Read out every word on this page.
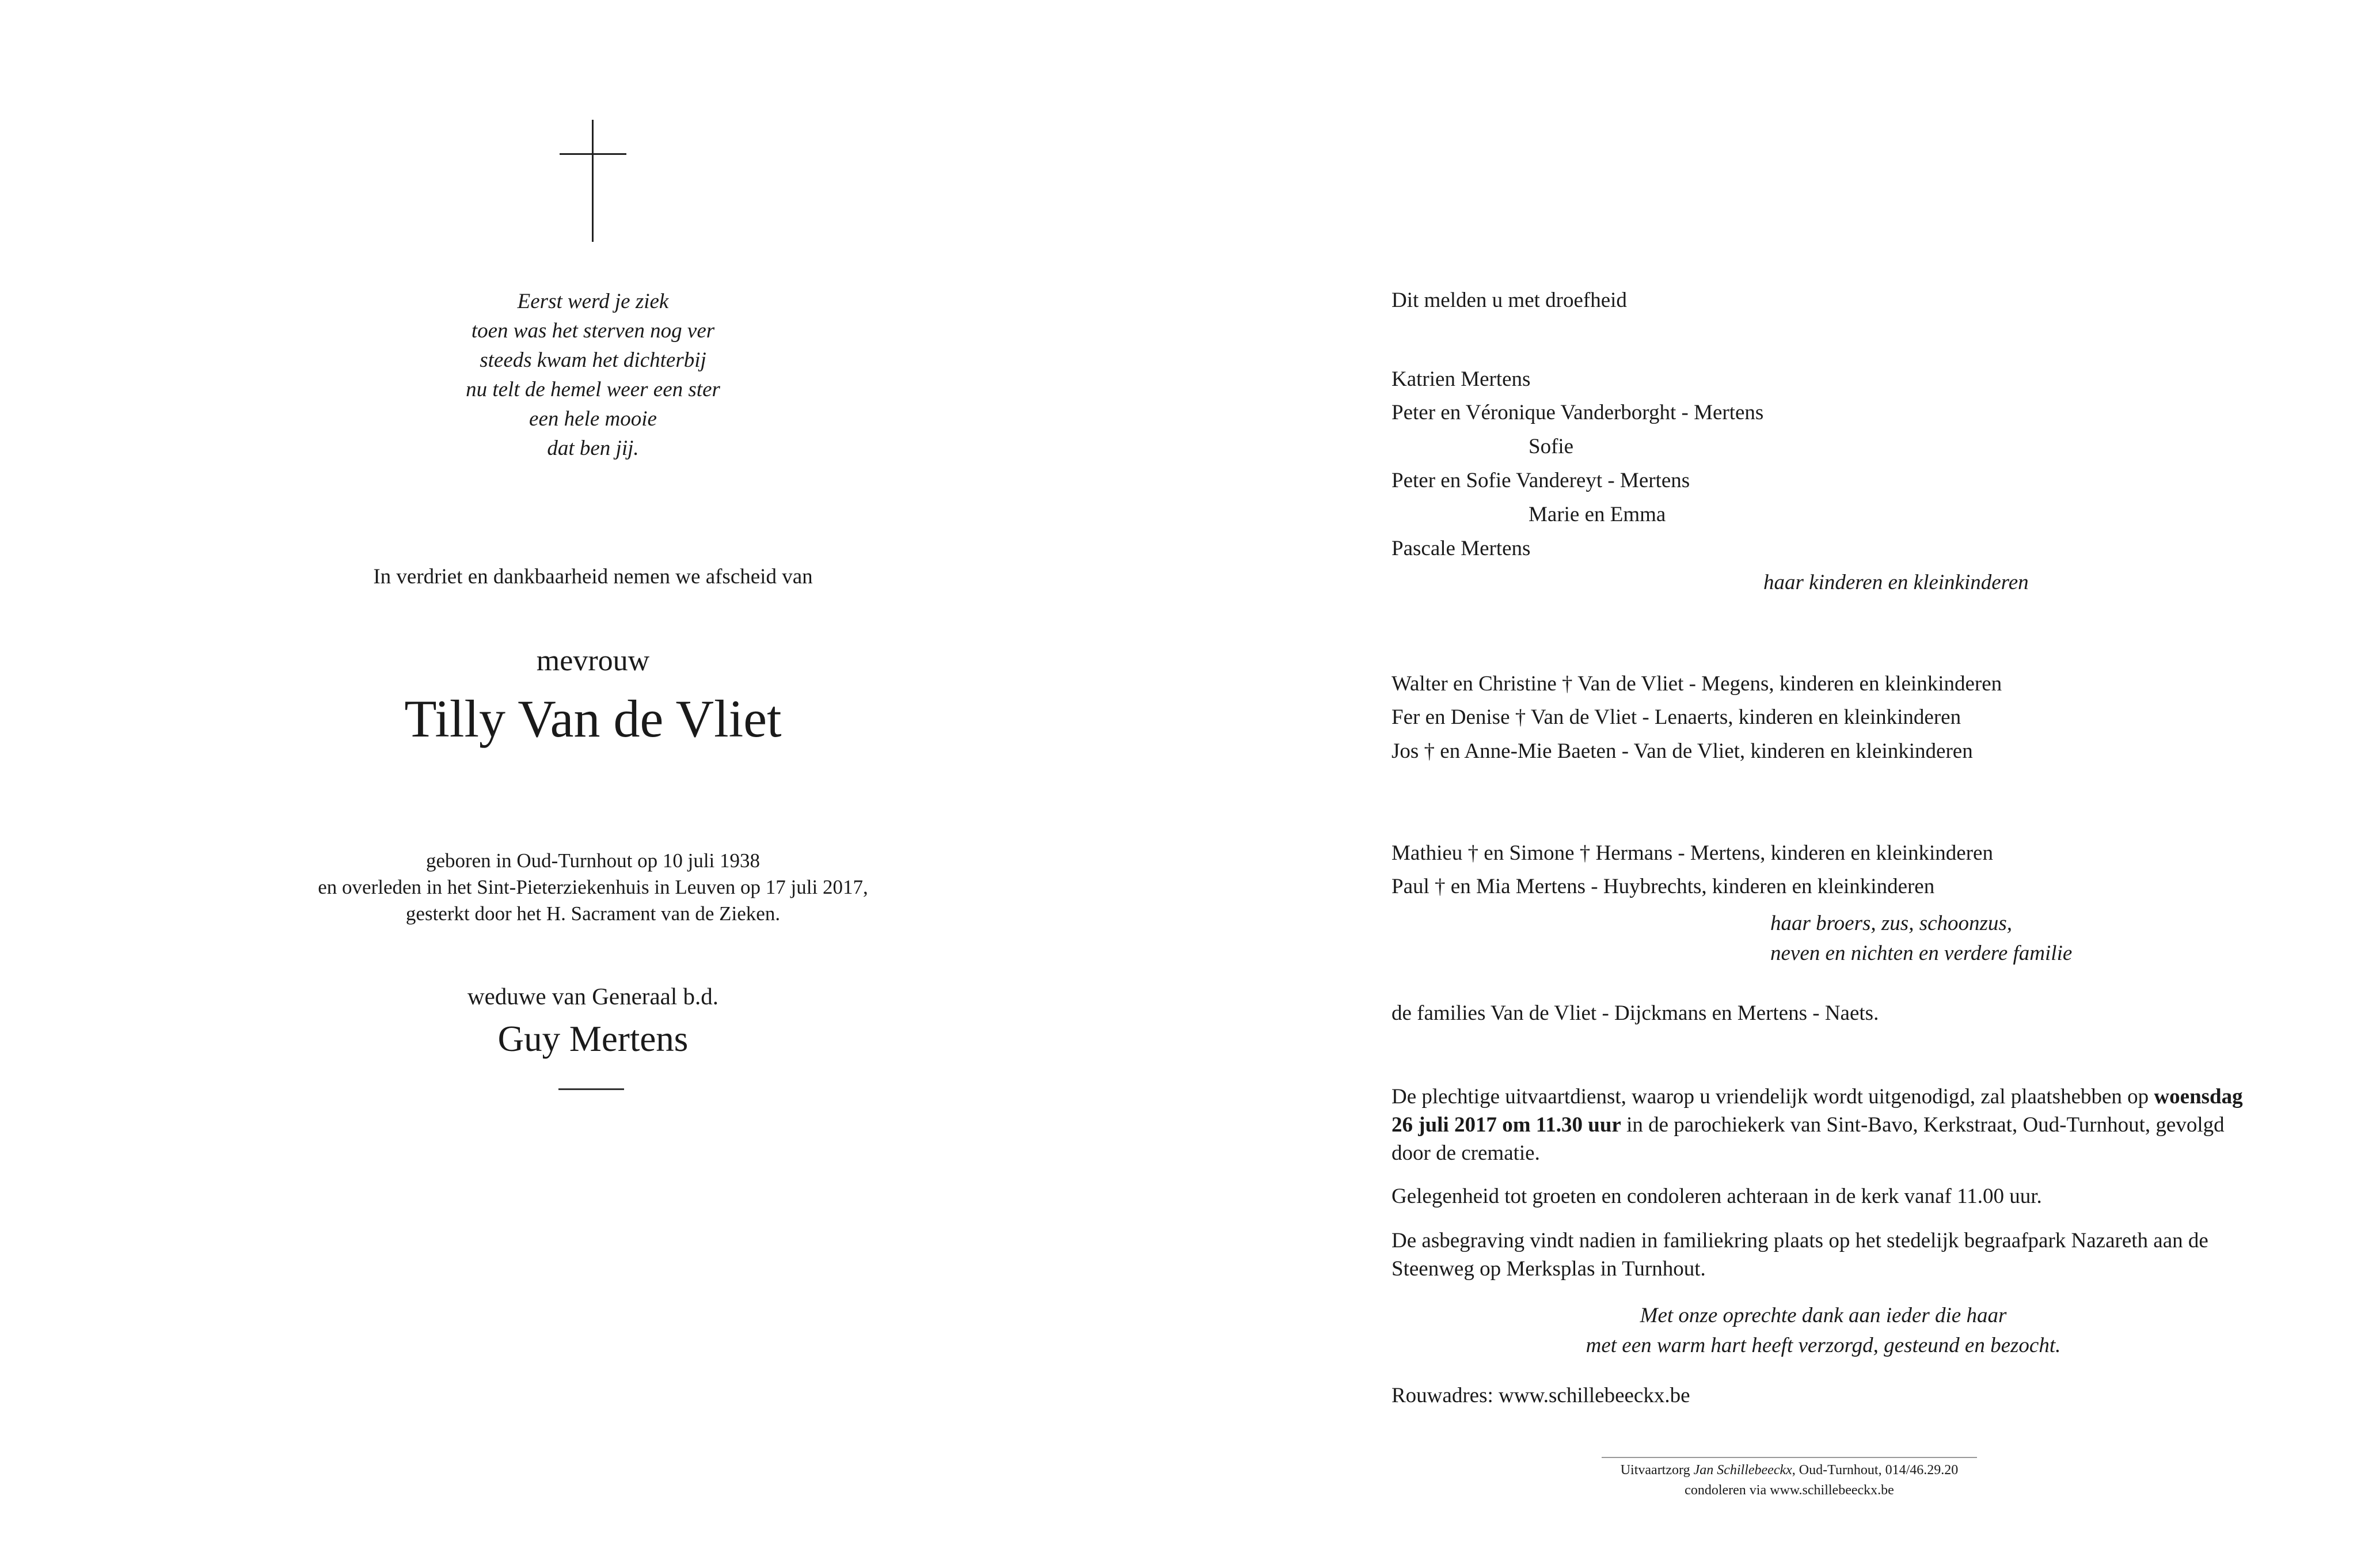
Eerst werd je ziek
toen was het sterven nog ver
steeds kwam het dichterbij
nu telt de hemel weer een ster
een hele mooie
dat ben jij.
In verdriet en dankbaarheid nemen we afscheid van
mevrouw
Tilly Van de Vliet
geboren in Oud-Turnhout op 10 juli 1938
en overleden in het Sint-Pieterziekenhuis in Leuven op 17 juli 2017,
gesterkt door het H. Sacrament van de Zieken.
weduwe van Generaal b.d.
Guy Mertens
Dit melden u met droefheid
Katrien Mertens
Peter en Véronique Vanderborght - Mertens
Sofie
Peter en Sofie Vandereyt - Mertens
Marie en Emma
Pascale Mertens
haar kinderen en kleinkinderen
Walter en Christine † Van de Vliet - Megens, kinderen en kleinkinderen
Fer en Denise † Van de Vliet - Lenaerts, kinderen en kleinkinderen
Jos † en Anne-Mie Baeten - Van de Vliet, kinderen en kleinkinderen
Mathieu † en Simone † Hermans - Mertens, kinderen en kleinkinderen
Paul † en Mia Mertens - Huybrechts, kinderen en kleinkinderen
haar broers, zus, schoonzus,
neven en nichten en verdere familie
de families Van de Vliet - Dijckmans en Mertens - Naets.
De plechtige uitvaartdienst, waarop u vriendelijk wordt uitgenodigd, zal plaatshebben op woensdag 26 juli 2017 om 11.30 uur in de parochiekerk van Sint-Bavo, Kerkstraat, Oud-Turnhout, gevolgd door de crematie.
Gelegenheid tot groeten en condoleren achteraan in de kerk vanaf 11.00 uur.
De asbegraving vindt nadien in familiekring plaats op het stedelijk begraafpark Nazareth aan de Steenweg op Merksplas in Turnhout.
Met onze oprechte dank aan ieder die haar
met een warm hart heeft verzorgd, gesteund en bezocht.
Rouwadres: www.schillebeeckx.be
Uitvaartzorg Jan Schillebeeckx, Oud-Turnhout, 014/46.29.20
condoleren via www.schillebeeckx.be
